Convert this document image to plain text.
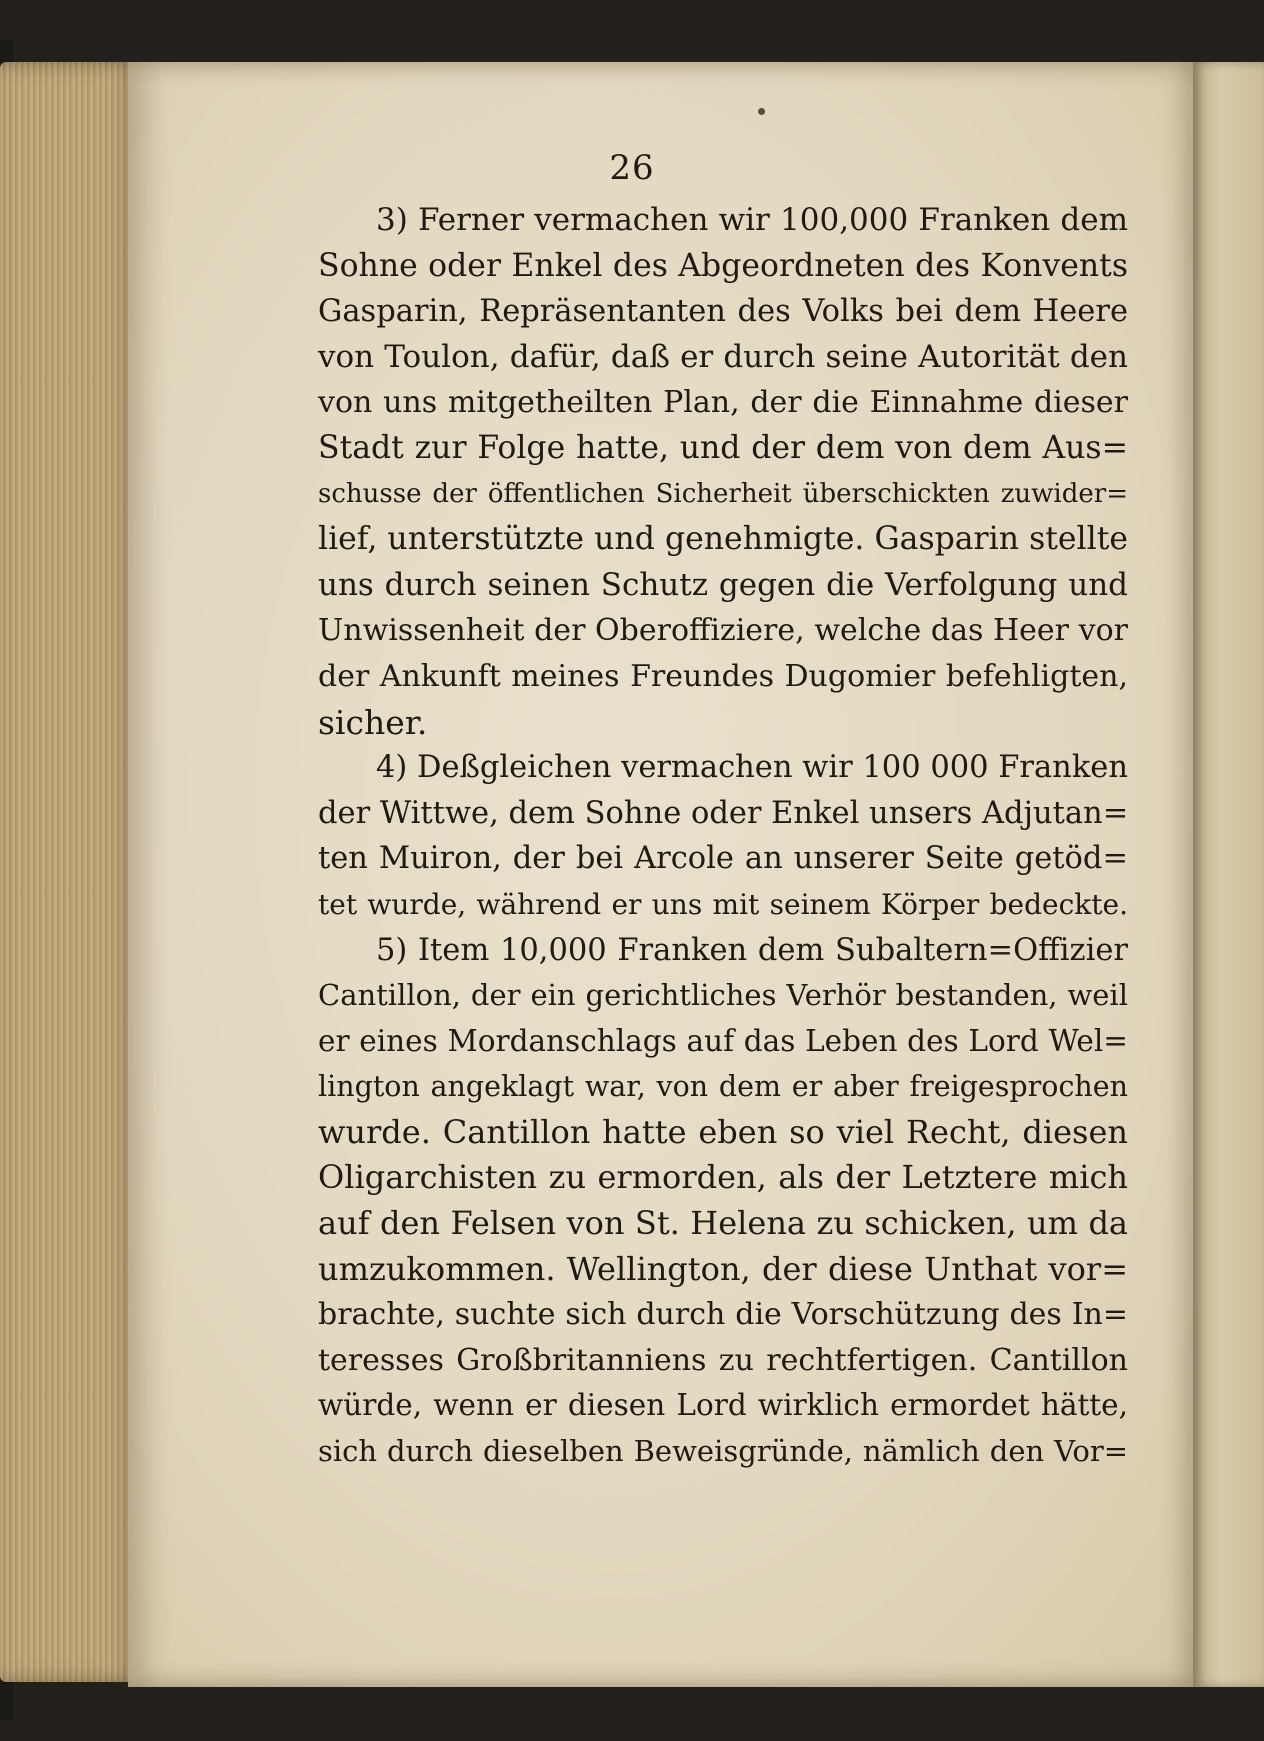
26
3) Ferner vermachen wir 100,000 Franken dem
Sohne oder Enkel des Abgeordneten des Konvents
Gasparin, Repräsentanten des Volks bei dem Heere
von Toulon, dafür, daß er durch seine Autorität den
von uns mitgetheilten Plan, der die Einnahme dieser
Stadt zur Folge hatte, und der dem von dem Aus=
schusse der öffentlichen Sicherheit überschickten zuwider=
lief, unterstützte und genehmigte. Gasparin stellte
uns durch seinen Schutz gegen die Verfolgung und
Unwissenheit der Oberoffiziere, welche das Heer vor
der Ankunft meines Freundes Dugomier befehligten,
sicher.
4) Deßgleichen vermachen wir 100 000 Franken
der Wittwe, dem Sohne oder Enkel unsers Adjutan=
ten Muiron, der bei Arcole an unserer Seite getöd=
tet wurde, während er uns mit seinem Körper bedeckte.
5) Item 10,000 Franken dem Subaltern=Offizier
Cantillon, der ein gerichtliches Verhör bestanden, weil
er eines Mordanschlags auf das Leben des Lord Wel=
lington angeklagt war, von dem er aber freigesprochen
wurde. Cantillon hatte eben so viel Recht, diesen
Oligarchisten zu ermorden, als der Letztere mich
auf den Felsen von St. Helena zu schicken, um da
umzukommen. Wellington, der diese Unthat vor=
brachte, suchte sich durch die Vorschützung des In=
teresses Großbritanniens zu rechtfertigen. Cantillon
würde, wenn er diesen Lord wirklich ermordet hätte,
sich durch dieselben Beweisgründe, nämlich den Vor=
